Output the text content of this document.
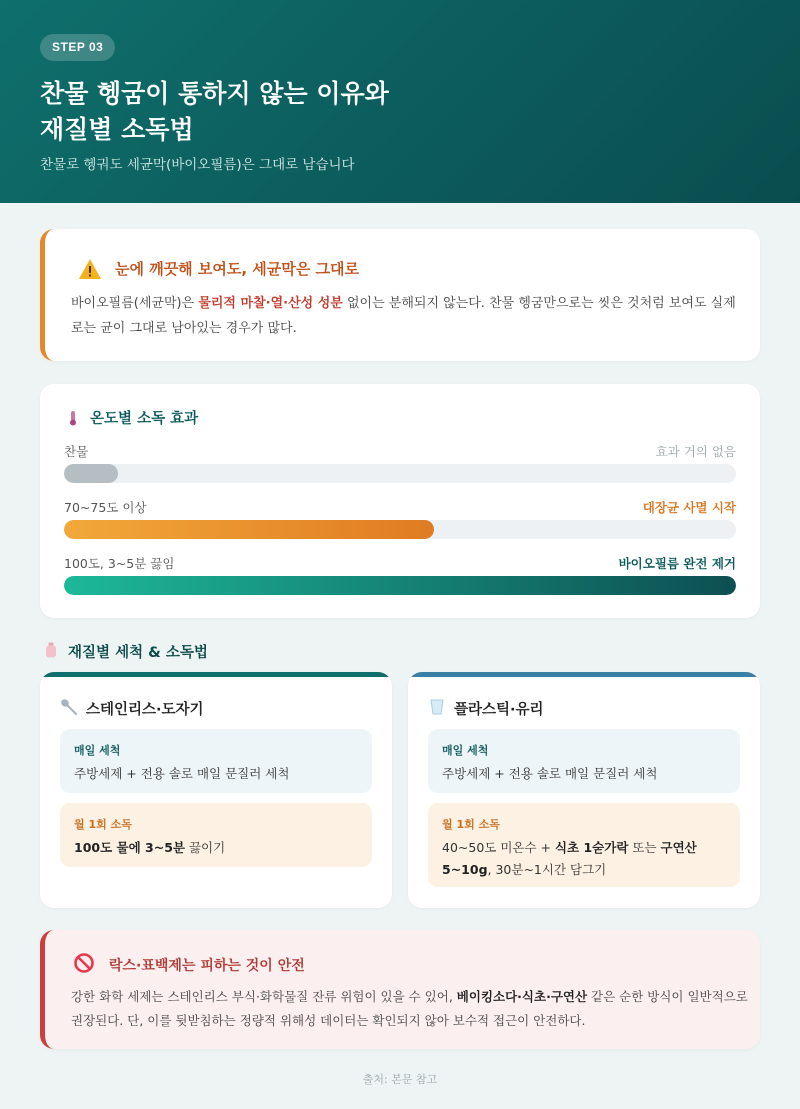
STEP 03
찬물 헹굼이 통하지 않는 이유와
재질별 소독법
찬물로 헹궈도 세균막(바이오필름)은 그대로 남습니다
눈에 깨끗해 보여도, 세균막은 그대로
바이오필름(세균막)은 물리적 마찰·열·산성 성분 없이는 분해되지 않는다. 찬물 헹굼만으로는 씻은 것처럼 보여도 실제로는 균이 그대로 남아있는 경우가 많다.
온도별 소독 효과
찬물	효과 거의 없음
70~75도 이상	대장균 사멸 시작
100도, 3~5분 끓임	바이오필름 완전 제거
재질별 세척 & 소독법
스테인리스·도자기
매일 세척
주방세제 + 전용 솔로 매일 문질러 세척
월 1회 소독
100도 물에 3~5분 끓이기
플라스틱·유리
매일 세척
주방세제 + 전용 솔로 매일 문질러 세척
월 1회 소독
40~50도 미온수 + 식초 1숟가락 또는 구연산 5~10g, 30분~1시간 담그기
락스·표백제는 피하는 것이 안전
강한 화학 세제는 스테인리스 부식·화학물질 잔류 위험이 있을 수 있어, 베이킹소다·식초·구연산 같은 순한 방식이 일반적으로 권장된다. 단, 이를 뒷받침하는 정량적 위해성 데이터는 확인되지 않아 보수적 접근이 안전하다.
출처: 본문 참고
